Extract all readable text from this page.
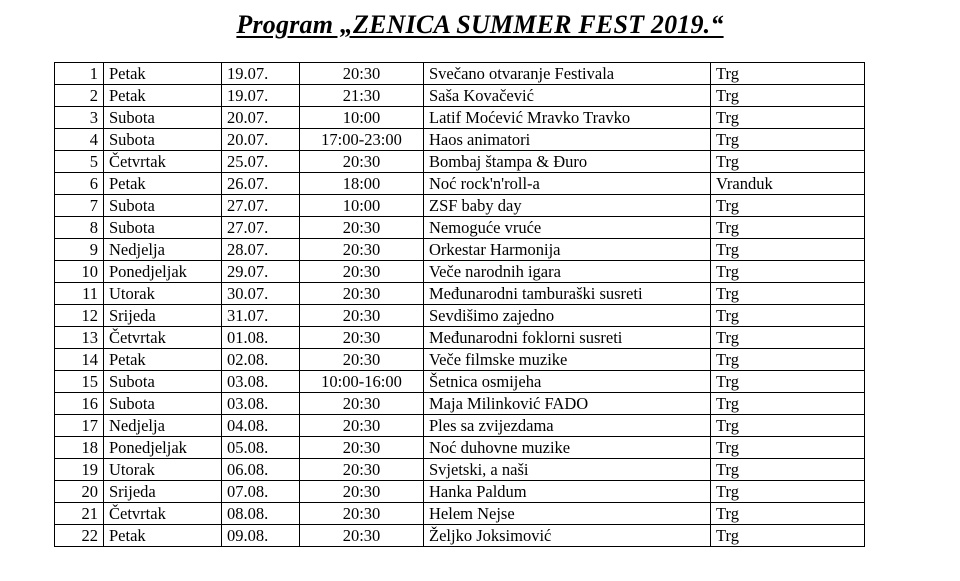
Program „ZENICA SUMMER FEST 2019.“
1	Petak	19.07.	20:30	Svečano otvaranje Festivala	Trg
2	Petak	19.07.	21:30	Saša Kovačević	Trg
3	Subota	20.07.	10:00	Latif Moćević Mravko Travko	Trg
4	Subota	20.07.	17:00-23:00	Haos animatori	Trg
5	Četvrtak	25.07.	20:30	Bombaj štampa & Đuro	Trg
6	Petak	26.07.	18:00	Noć rock'n'roll-a	Vranduk
7	Subota	27.07.	10:00	ZSF baby day	Trg
8	Subota	27.07.	20:30	Nemoguće vruće	Trg
9	Nedjelja	28.07.	20:30	Orkestar Harmonija	Trg
10	Ponedjeljak	29.07.	20:30	Veče narodnih igara	Trg
11	Utorak	30.07.	20:30	Međunarodni tamburaški susreti	Trg
12	Srijeda	31.07.	20:30	Sevdišimo zajedno	Trg
13	Četvrtak	01.08.	20:30	Međunarodni foklorni susreti	Trg
14	Petak	02.08.	20:30	Veče filmske muzike	Trg
15	Subota	03.08.	10:00-16:00	Šetnica osmijeha	Trg
16	Subota	03.08.	20:30	Maja Milinković FADO	Trg
17	Nedjelja	04.08.	20:30	Ples sa zvijezdama	Trg
18	Ponedjeljak	05.08.	20:30	Noć duhovne muzike	Trg
19	Utorak	06.08.	20:30	Svjetski, a naši	Trg
20	Srijeda	07.08.	20:30	Hanka Paldum	Trg
21	Četvrtak	08.08.	20:30	Helem Nejse	Trg
22	Petak	09.08.	20:30	Željko Joksimović	Trg
